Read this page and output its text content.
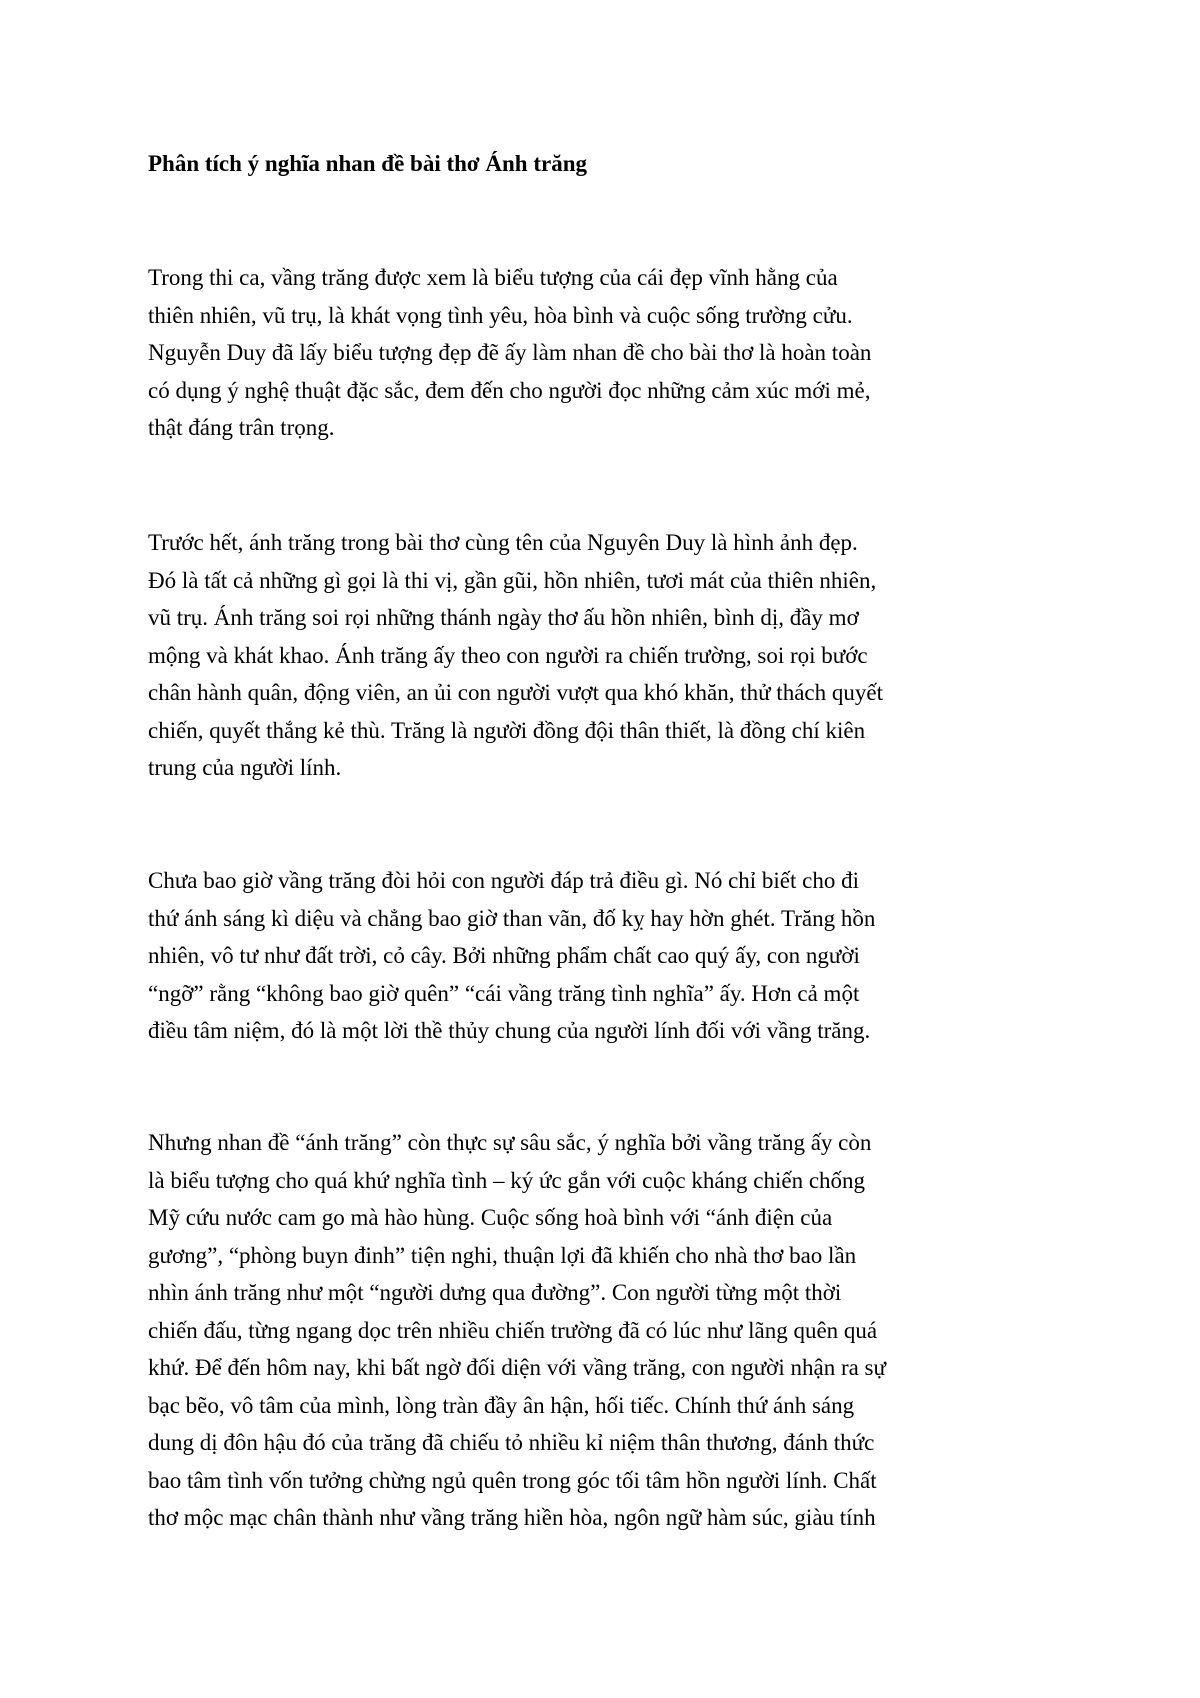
Phân tích ý nghĩa nhan đề bài thơ Ánh trăng

Trong thi ca, vầng trăng được xem là biểu tượng của cái đẹp vĩnh hằng của
thiên nhiên, vũ trụ, là khát vọng tình yêu, hòa bình và cuộc sống trường cửu.
Nguyễn Duy đã lấy biểu tượng đẹp đẽ ấy làm nhan đề cho bài thơ là hoàn toàn
có dụng ý nghệ thuật đặc sắc, đem đến cho người đọc những cảm xúc mới mẻ,
thật đáng trân trọng.

Trước hết, ánh trăng trong bài thơ cùng tên của Nguyên Duy là hình ảnh đẹp.
Đó là tất cả những gì gọi là thi vị, gần gũi, hồn nhiên, tươi mát của thiên nhiên,
vũ trụ. Ánh trăng soi rọi những thánh ngày thơ ấu hồn nhiên, bình dị, đầy mơ
mộng và khát khao. Ánh trăng ấy theo con người ra chiến trường, soi rọi bước
chân hành quân, động viên, an ủi con người vượt qua khó khăn, thử thách quyết
chiến, quyết thắng kẻ thù. Trăng là người đồng đội thân thiết, là đồng chí kiên
trung của người lính.

Chưa bao giờ vầng trăng đòi hỏi con người đáp trả điều gì. Nó chỉ biết cho đi
thứ ánh sáng kì diệu và chẳng bao giờ than vãn, đố kỵ hay hờn ghét. Trăng hồn
nhiên, vô tư như đất trời, cỏ cây. Bởi những phẩm chất cao quý ấy, con người
“ngỡ” rằng “không bao giờ quên” “cái vầng trăng tình nghĩa” ấy. Hơn cả một
điều tâm niệm, đó là một lời thề thủy chung của người lính đối với vầng trăng.

Nhưng nhan đề “ánh trăng” còn thực sự sâu sắc, ý nghĩa bởi vầng trăng ấy còn
là biểu tượng cho quá khứ nghĩa tình – ký ức gắn với cuộc kháng chiến chống
Mỹ cứu nước cam go mà hào hùng. Cuộc sống hoà bình với “ánh điện của
gương”, “phòng buyn đinh” tiện nghi, thuận lợi đã khiến cho nhà thơ bao lần
nhìn ánh trăng như một “người dưng qua đường”. Con người từng một thời
chiến đấu, từng ngang dọc trên nhiều chiến trường đã có lúc như lãng quên quá
khứ. Để đến hôm nay, khi bất ngờ đối diện với vầng trăng, con người nhận ra sự
bạc bẽo, vô tâm của mình, lòng tràn đầy ân hận, hối tiếc. Chính thứ ánh sáng
dung dị đôn hậu đó của trăng đã chiếu tỏ nhiều kỉ niệm thân thương, đánh thức
bao tâm tình vốn tưởng chừng ngủ quên trong góc tối tâm hồn người lính. Chất
thơ mộc mạc chân thành như vầng trăng hiền hòa, ngôn ngữ hàm súc, giàu tính
